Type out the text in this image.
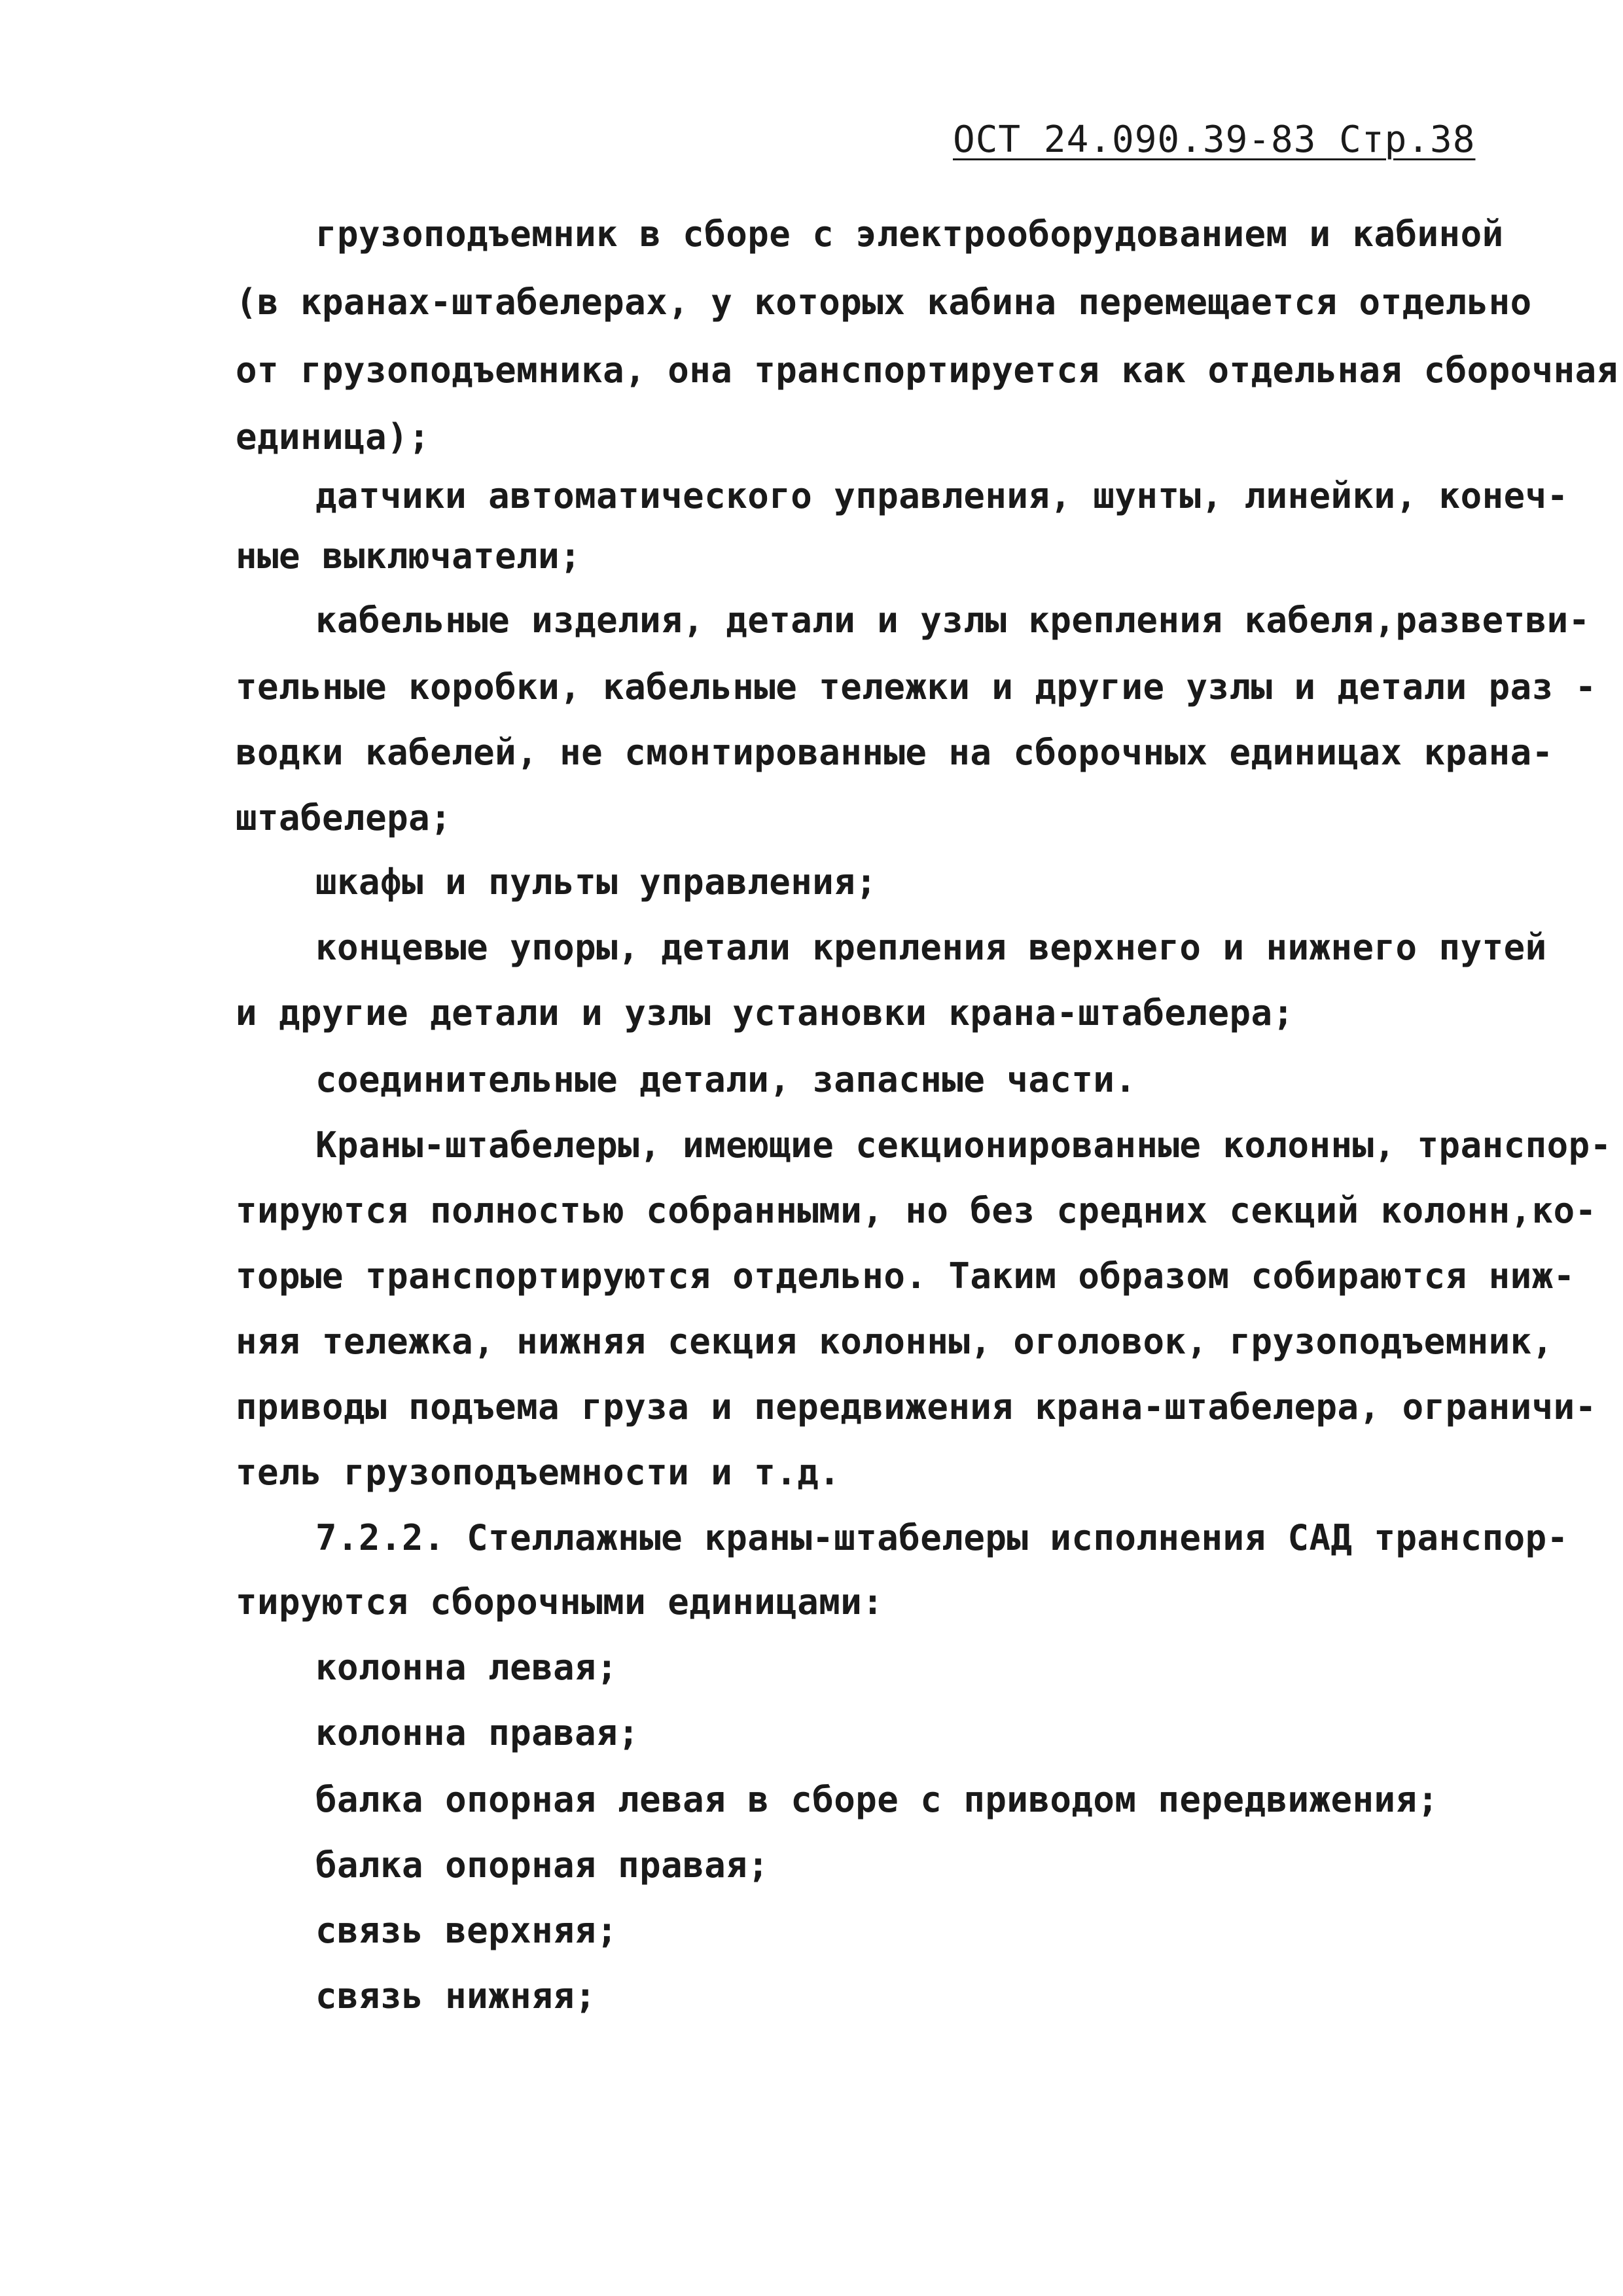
ОСТ 24.090.39-83 Стр.38
грузоподъемник в сборе с электрооборудованием и кабиной
(в кранах-штабелерах, у которых кабина перемещается отдельно
от грузоподъемника, она транспортируется как отдельная сборочная
единица);
датчики автоматического управления, шунты, линейки, конеч-
ные выключатели;
кабельные изделия, детали и узлы крепления кабеля,разветви-
тельные коробки, кабельные тележки и другие узлы и детали раз -
водки кабелей, не смонтированные на сборочных единицах крана-
штабелера;
шкафы и пульты управления;
концевые упоры, детали крепления верхнего и нижнего путей
и другие детали и узлы установки крана-штабелера;
соединительные детали, запасные части.
Краны-штабелеры, имеющие секционированные колонны, транспор-
тируются полностью собранными, но без средних секций колонн,ко-
торые транспортируются отдельно. Таким образом собираются ниж-
няя тележка, нижняя секция колонны, оголовок, грузоподъемник,
приводы подъема груза и передвижения крана-штабелера, ограничи-
тель грузоподъемности и т.д.
7.2.2. Стеллажные краны-штабелеры исполнения САД транспор-
тируются сборочными единицами:
колонна левая;
колонна правая;
балка опорная левая в сборе с приводом передвижения;
балка опорная правая;
связь верхняя;
связь нижняя;
